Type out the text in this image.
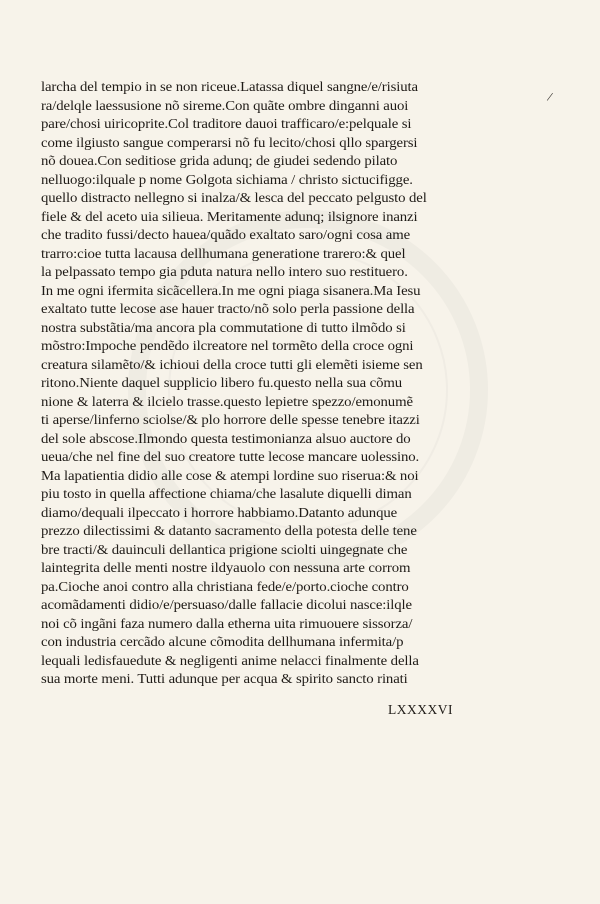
/
larcha del tempio in se non riceue.Latassa diquel sangne/e/risiuta
ra/delqle laessusione nõ sireme.Con quãte ombre dinganni auoi
pare/chosi uiricoprite.Col traditore dauoi trafficaro/e:pelquale si
come ilgiusto sangue comperarsi nõ fu lecito/chosi qllo spargersi
nõ douea.Con seditiose grida adunq; de giudei sedendo pilato
nelluogo:ilquale p nome Golgota sichiama / christo sictucifigge.
quello distracto nellegno si inalza/& lesca del peccato pelgusto del
fiele & del aceto uia silieua. Meritamente adunq; ilsignore inanzi
che tradito fussi/decto haueа/quãdo exaltato saro/ogni cosa ame
trarro:cioe tutta lacausa dellhumana generatione trarero:& quel
la pelpassato tempo gia pduta natura nello intero suo restituero.
In me ogni ifermita sicãcellera.In me ogni piaga sisanera.Ma Iesu
exaltato tutte lecose ase hauer tracto/nõ solo perla passione della
nostra substãtia/ma ancora pla commutatione di tutto ilmõdo si
mõstro:Impoche pendẽdo ilcreatore nel tormẽto della croce ogni
creatura silamẽto/& ichioui della croce tutti gli elemẽti isieme sen
ritono.Niente daquel supplicio libero fu.questo nella sua cõmu
nione & laterra & ilcielo trasse.questo lepietre spezzo/emonumẽ
ti aperse/linferno sciolse/& plo horrore delle spesse tenebre itazzi
del sole abscose.Ilmondo questa testimonianza alsuo auctore do
ueua/che nel fine del suo creatore tutte lecose mancare uolessino.
Ma lapatientia didio alle cose & atempi lordine suo riserua:& noi
piu tosto in quella affectione chiama/che lasalute diquelli diman
diamo/dequali ilpeccato i horrore habbiamo.Datanto adunque
prezzo dilectissimi & datanto sacramento della potesta delle tene
bre tracti/& dauinculi dellantica prigione sciolti uingegnate che
laintegrita delle menti nostre ildyauolo con nessuna arte corrom
pa.Cioche anoi contro alla christiana fede/e/porto.cioche contro
acomãdamenti didio/e/persuaso/dalle fallacie dicolui nasce:ilqle
noi cõ ingãni faza numero dalla etherna uita rimuouere sissorza/
con industria cercãdo alcune cõmodita dellhumana infermita/p
lequali ledisfauedute & negligenti anime nelacci finalmente della
sua morte meni. Tutti adunque per acqua & spirito sancto rinati
LXXXXVI
